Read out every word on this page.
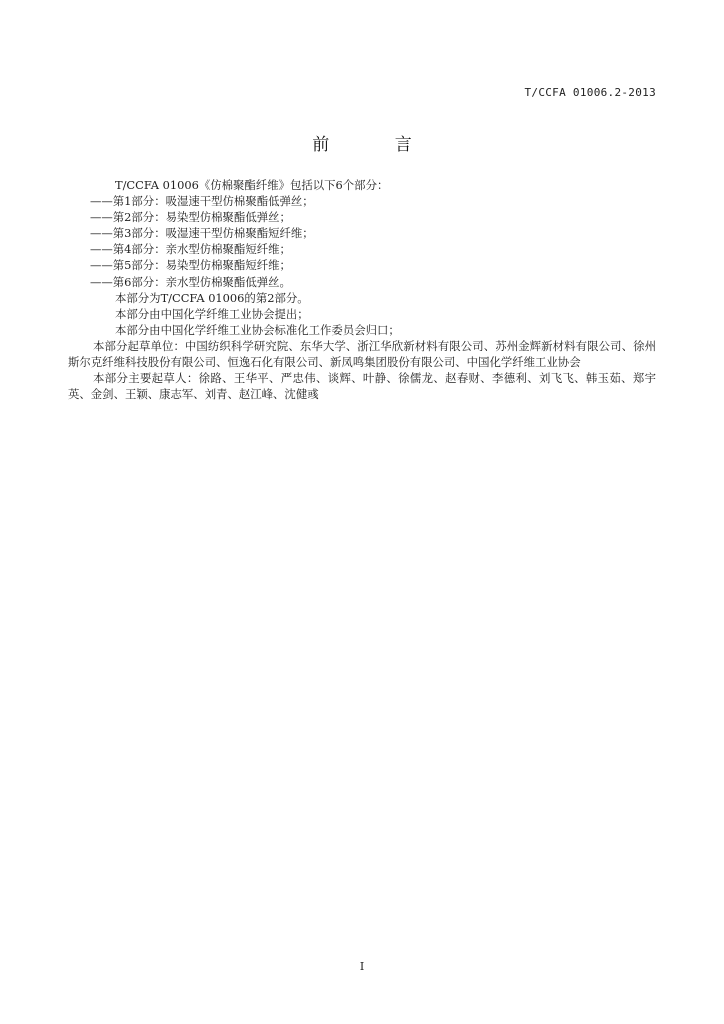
T/CCFA 01006.2-2013
前 言

T/CCFA 01006《仿棉聚酯纤维》包括以下6个部分：

——第1部分：吸湿速干型仿棉聚酯低弹丝；

——第2部分：易染型仿棉聚酯低弹丝；

——第3部分：吸湿速干型仿棉聚酯短纤维；

——第4部分：亲水型仿棉聚酯短纤维；

——第5部分：易染型仿棉聚酯短纤维；

——第6部分：亲水型仿棉聚酯低弹丝。

本部分为T/CCFA 01006的第2部分。

本部分由中国化学纤维工业协会提出；

本部分由中国化学纤维工业协会标准化工作委员会归口；

本部分起草单位：中国纺织科学研究院、东华大学、浙江华欣新材料有限公司、苏州金辉新材料有限公司、徐州斯尔克纤维科技股份有限公司、恒逸石化有限公司、新凤鸣集团股份有限公司、中国化学纤维工业协会

本部分主要起草人：徐路、王华平、严忠伟、谈辉、叶静、徐儒龙、赵春财、李德利、刘飞飞、韩玉茹、郑宇英、金剑、王颖、康志军、刘青、赵江峰、沈健彧

I
